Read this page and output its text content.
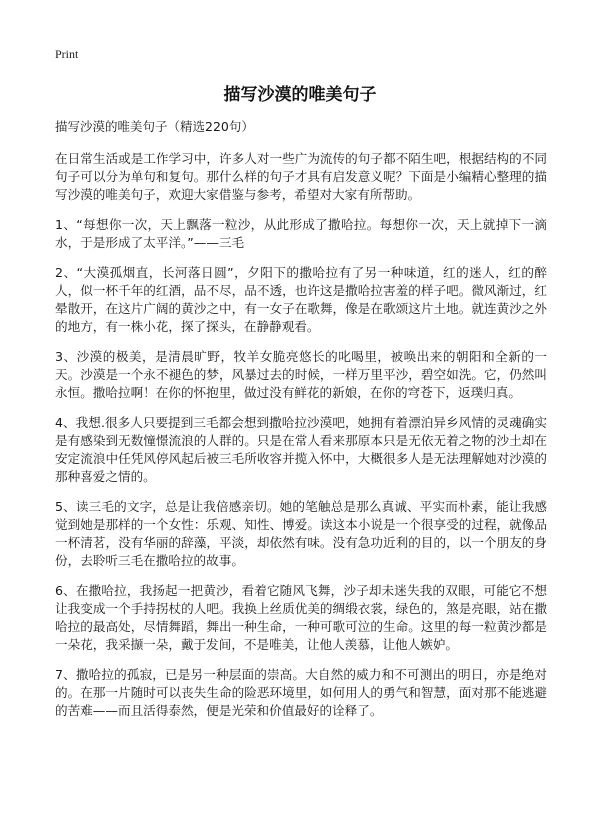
Print
描写沙漠的唯美句子

描写沙漠的唯美句子（精选220句）

在日常生活或是工作学习中，许多人对一些广为流传的句子都不陌生吧，根据结构的不同句子可以分为单句和复句。那什么样的句子才具有启发意义呢？下面是小编精心整理的描写沙漠的唯美句子，欢迎大家借鉴与参考，希望对大家有所帮助。

1、“每想你一次，天上飘落一粒沙，从此形成了撒哈拉。每想你一次，天上就掉下一滴水，于是形成了太平洋。”——三毛

2、“大漠孤烟直，长河落日圆”，夕阳下的撒哈拉有了另一种味道，红的迷人，红的醉人，似一杯千年的红酒，品不尽，品不透，也许这是撒哈拉害羞的样子吧。微风渐过，红晕散开，在这片广阔的黄沙之中，有一女子在歌舞，像是在歌颂这片土地。就连黄沙之外的地方，有一株小花，探了探头，在静静观看。

3、沙漠的极美，是清晨旷野，牧羊女脆亮悠长的叱喝里，被唤出来的朝阳和全新的一天。沙漠是一个永不褪色的梦，风暴过去的时候，一样万里平沙，碧空如洗。它，仍然叫永恒。撒哈拉啊！在你的怀抱里，做过没有鲜花的新娘，在你的穹苍下，返璞归真。

4、我想.很多人只要提到三毛都会想到撒哈拉沙漠吧，她拥有着漂泊异乡风情的灵魂确实是有感染到无数憧憬流浪的人群的。只是在常人看来那原本只是无依无着之物的沙土却在安定流浪中任凭风停风起后被三毛所收容并揽入怀中，大概很多人是无法理解她对沙漠的那种喜爱之情的。

5、读三毛的文字，总是让我倍感亲切。她的笔触总是那么真诚、平实而朴素，能让我感觉到她是那样的一个女性：乐观、知性、博爱。读这本小说是一个很享受的过程，就像品一杯清茗，没有华丽的辞藻，平淡，却依然有味。没有急功近利的目的，以一个朋友的身份，去聆听三毛在撒哈拉的故事。

6、在撒哈拉，我扬起一把黄沙，看着它随风飞舞，沙子却未迷失我的双眼，可能它不想让我变成一个手持拐杖的人吧。我换上丝质优美的绸缎衣裳，绿色的，煞是亮眼，站在撒哈拉的最高处，尽情舞蹈，舞出一种生命，一种可歌可泣的生命。这里的每一粒黄沙都是一朵花，我采撷一朵，戴于发间，不是唯美，让他人羡慕，让他人嫉妒。

7、撒哈拉的孤寂，已是另一种层面的崇高。大自然的威力和不可测出的明日，亦是绝对的。在那一片随时可以丧失生命的险恶环境里，如何用人的勇气和智慧，面对那不能逃避的苦难——而且活得泰然，便是光荣和价值最好的诠释了。
